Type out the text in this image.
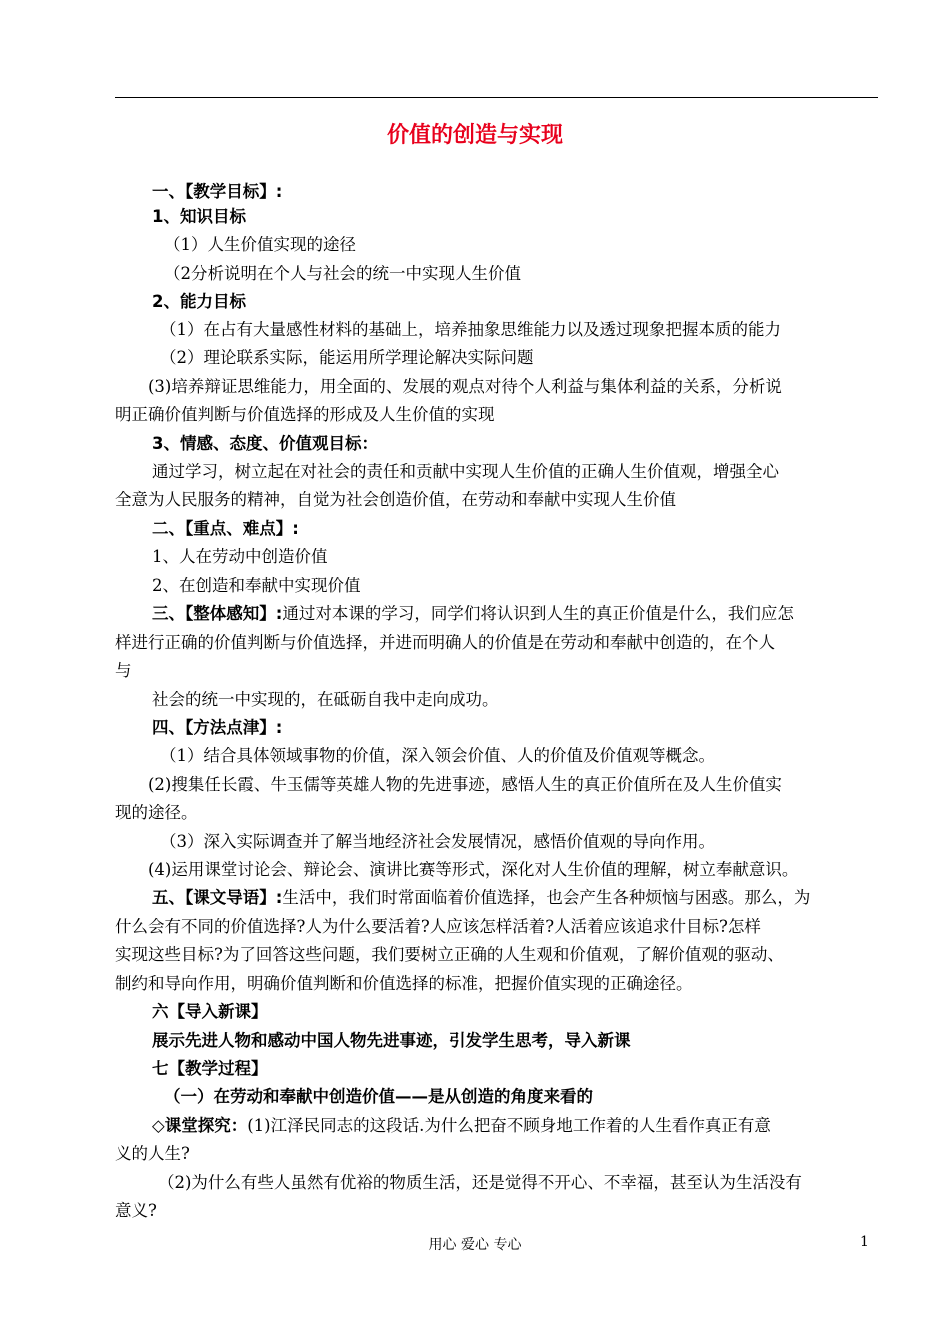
价值的创造与实现
一、【教学目标】:
1、知识目标
（1）人生价值实现的途径
（2分析说明在个人与社会的统一中实现人生价值
2、能力目标
（1）在占有大量感性材料的基础上，培养抽象思维能力以及透过现象把握本质的能力
（2）理论联系实际，能运用所学理论解决实际问题
(3)培养辩证思维能力，用全面的、发展的观点对待个人利益与集体利益的关系，分析说
明正确价值判断与价值选择的形成及人生价值的实现
3、情感、态度、价值观目标：
通过学习，树立起在对社会的责任和贡献中实现人生价值的正确人生价值观，增强全心
全意为人民服务的精神，自觉为社会创造价值，在劳动和奉献中实现人生价值
二、【重点、难点】:
1、人在劳动中创造价值
2、在创造和奉献中实现价值
三、【整体感知】:通过对本课的学习，同学们将认识到人生的真正价值是什么，我们应怎
样进行正确的价值判断与价值选择，并进而明确人的价值是在劳动和奉献中创造的，在个人
与
社会的统一中实现的，在砥砺自我中走向成功。
四、【方法点津】:
（1）结合具体领域事物的价值，深入领会价值、人的价值及价值观等概念。
(2)搜集任长霞、牛玉儒等英雄人物的先进事迹，感悟人生的真正价值所在及人生价值实
现的途径。
（3）深入实际调查并了解当地经济社会发展情况，感悟价值观的导向作用。
(4)运用课堂讨论会、辩论会、演讲比赛等形式，深化对人生价值的理解，树立奉献意识。
五、【课文导语】:生活中，我们时常面临着价值选择，也会产生各种烦恼与困惑。那么，为
什么会有不同的价值选择?人为什么要活着?人应该怎样活着?人活着应该追求什目标?怎样
实现这些目标?为了回答这些问题，我们要树立正确的人生观和价值观，了解价值观的驱动、
制约和导向作用，明确价值判断和价值选择的标准，把握价值实现的正确途径。
六【导入新课】
展示先进人物和感动中国人物先进事迹，引发学生思考，导入新课
七【教学过程】
（一）在劳动和奉献中创造价值——是从创造的角度来看的
◇课堂探究：(1)江泽民同志的这段话.为什么把奋不顾身地工作着的人生看作真正有意
义的人生?
（2)为什么有些人虽然有优裕的物质生活，还是觉得不开心、不幸福，甚至认为生活没有
意义?
用心 爱心 专心	1
